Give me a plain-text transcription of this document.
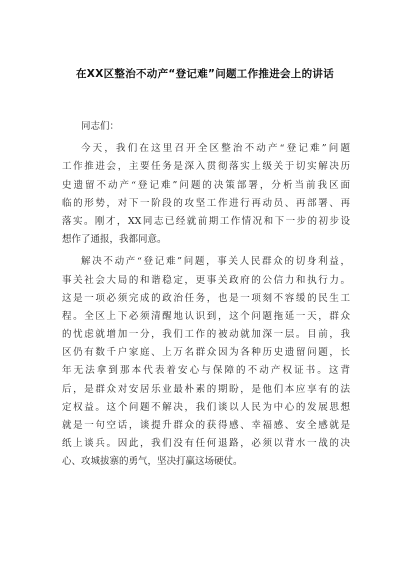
在XX区整治不动产“登记难”问题工作推进会上的讲话
同志们：
今天，我们在这里召开全区整治不动产“登记难”问题
工作推进会，主要任务是深入贯彻落实上级关于切实解决历
史遗留不动产“登记难”问题的决策部署，分析当前我区面
临的形势，对下一阶段的攻坚工作进行再动员、再部署、再
落实。刚才，XX同志已经就前期工作情况和下一步的初步设
想作了通报，我都同意。
解决不动产“登记难”问题，事关人民群众的切身利益，
事关社会大局的和谐稳定，更事关政府的公信力和执行力。
这是一项必须完成的政治任务，也是一项刻不容缓的民生工
程。全区上下必须清醒地认识到，这个问题拖延一天，群众
的忧虑就增加一分，我们工作的被动就加深一层。目前，我
区仍有数千户家庭、上万名群众因为各种历史遗留问题，长
年无法拿到那本代表着安心与保障的不动产权证书。这背
后，是群众对安居乐业最朴素的期盼，是他们本应享有的法
定权益。这个问题不解决，我们谈以人民为中心的发展思想
就是一句空话，谈提升群众的获得感、幸福感、安全感就是
纸上谈兵。因此，我们没有任何退路，必须以背水一战的决
心、攻城拔寨的勇气，坚决打赢这场硬仗。
